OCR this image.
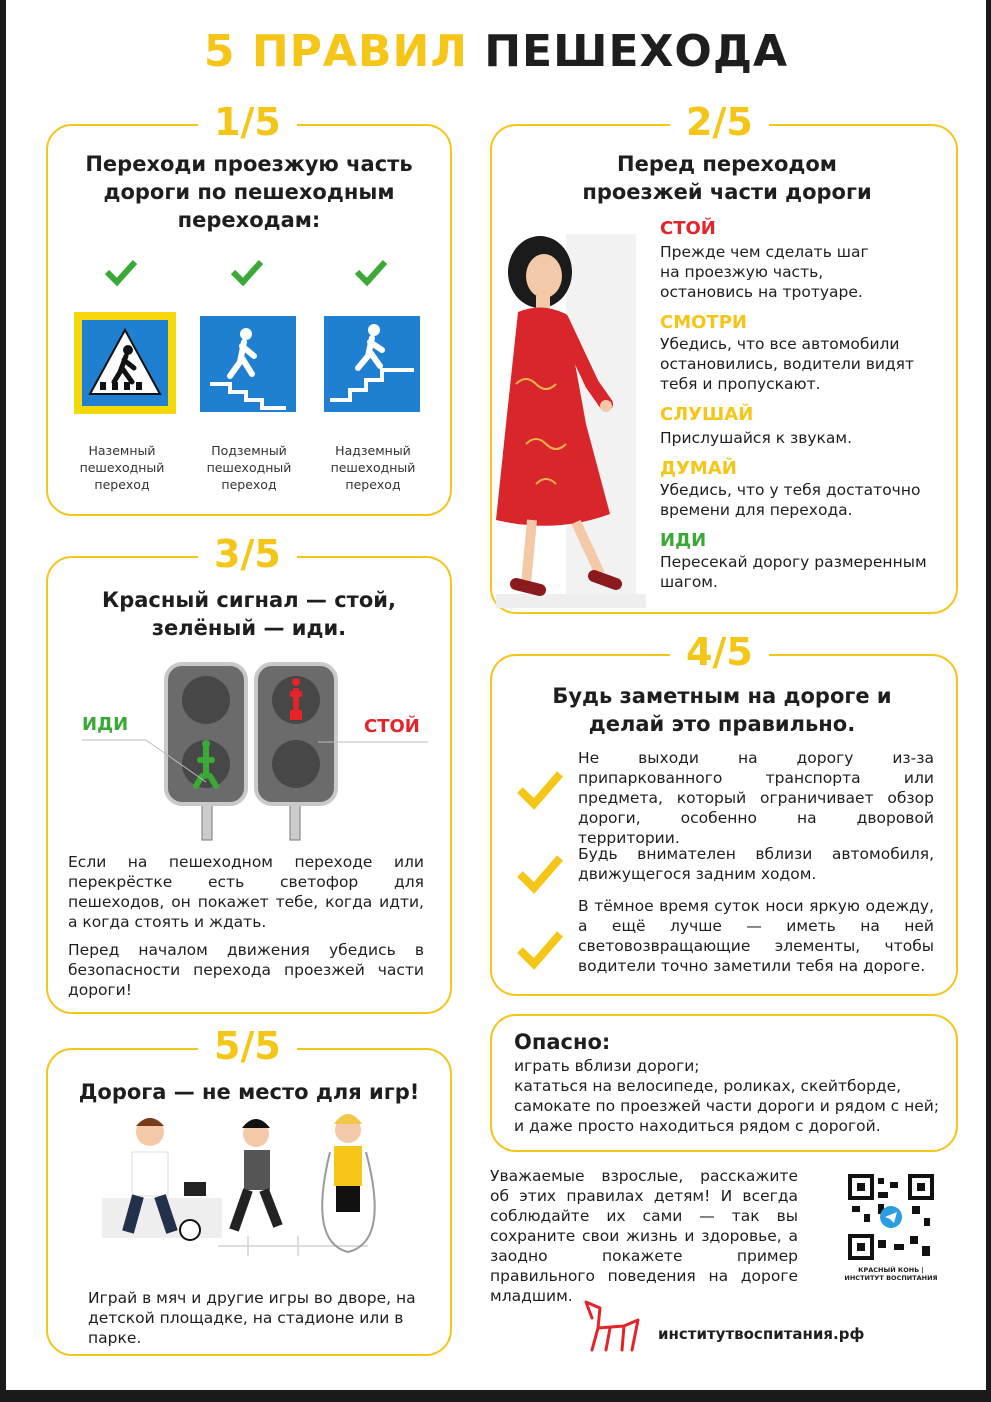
5 ПРАВИЛ ПЕШЕХОДА
1/5
Переходи проезжую часть дороги по пешеходным переходам:
Наземный пешеходный переход
Подземный пешеходный переход
Надземный пешеходный переход
2/5
Перед переходом проезжей части дороги
СТОЙ
Прежде чем сделать шаг на проезжую часть, остановись на тротуаре.
СМОТРИ
Убедись, что все автомобили остановились, водители видят тебя и пропускают.
СЛУШАЙ
Прислушайся к звукам.
ДУМАЙ
Убедись, что у тебя достаточно времени для перехода.
ИДИ
Пересекай дорогу размеренным шагом.
3/5
Красный сигнал — стой, зелёный — иди.
ИДИ	СТОЙ
Если на пешеходном переходе или перекрёстке есть светофор для пешеходов, он покажет тебе, когда идти, а когда стоять и ждать.
Перед началом движения убедись в безопасности перехода проезжей части дороги!
4/5
Будь заметным на дороге и делай это правильно.
Не выходи на дорогу из-за припаркованного транспорта или предмета, который ограничивает обзор дороги, особенно на дворовой территории.
Будь внимателен вблизи автомобиля, движущегося задним ходом.
В тёмное время суток носи яркую одежду, а ещё лучше — иметь на ней световозвращающие элементы, чтобы водители точно заметили тебя на дороге.
Опасно:
играть вблизи дороги;
кататься на велосипеде, роликах, скейтборде, самокате по проезжей части дороги и рядом с ней;
и даже просто находиться рядом с дорогой.
5/5
Дорога — не место для игр!
Играй в мяч и другие игры во дворе, на детской площадке, на стадионе или в парке.
Уважаемые взрослые, расскажите об этих правилах детям! И всегда соблюдайте их сами — так вы сохраните свои жизнь и здоровье, а заодно покажете пример правильного поведения на дороге младшим.
КРАСНЫЙ КОНЬ | ИНСТИТУТ ВОСПИТАНИЯ
институтвоспитания.рф
